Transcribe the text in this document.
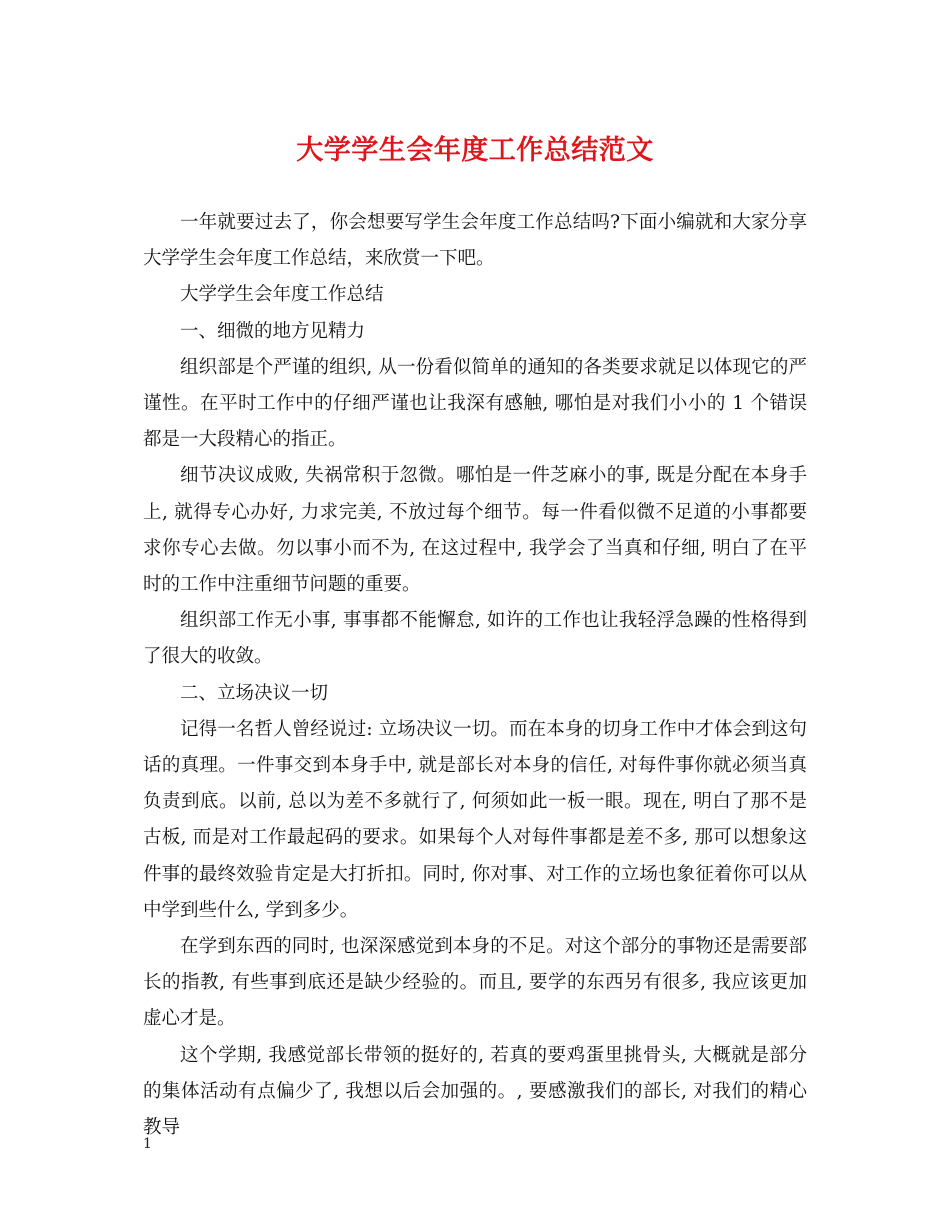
大学学生会年度工作总结范文

一年就要过去了，你会想要写学生会年度工作总结吗?下面小编就和大家分享大学学生会年度工作总结，来欣赏一下吧。

大学学生会年度工作总结

一、细微的地方见精力

组织部是个严谨的组织, 从一份看似简单的通知的各类要求就足以体现它的严谨性。在平时工作中的仔细严谨也让我深有感触, 哪怕是对我们小小的 1 个错误都是一大段精心的指正。

细节决议成败, 失祸常积于忽微。哪怕是一件芝麻小的事, 既是分配在本身手上, 就得专心办好, 力求完美, 不放过每个细节。每一件看似微不足道的小事都要求你专心去做。勿以事小而不为, 在这过程中, 我学会了当真和仔细, 明白了在平时的工作中注重细节问题的重要。

组织部工作无小事, 事事都不能懈怠, 如许的工作也让我轻浮急躁的性格得到了很大的收敛。

二、立场决议一切

记得一名哲人曾经说过: 立场决议一切。而在本身的切身工作中才体会到这句话的真理。一件事交到本身手中, 就是部长对本身的信任, 对每件事你就必须当真负责到底。以前, 总以为差不多就行了, 何须如此一板一眼。现在, 明白了那不是古板, 而是对工作最起码的要求。如果每个人对每件事都是差不多, 那可以想象这件事的最终效验肯定是大打折扣。同时, 你对事、对工作的立场也象征着你可以从中学到些什么, 学到多少。

在学到东西的同时, 也深深感觉到本身的不足。对这个部分的事物还是需要部长的指教, 有些事到底还是缺少经验的。而且, 要学的东西另有很多, 我应该更加虚心才是。

这个学期, 我感觉部长带领的挺好的, 若真的要鸡蛋里挑骨头, 大概就是部分的集体活动有点偏少了, 我想以后会加强的。, 要感激我们的部长, 对我们的精心教导

1
